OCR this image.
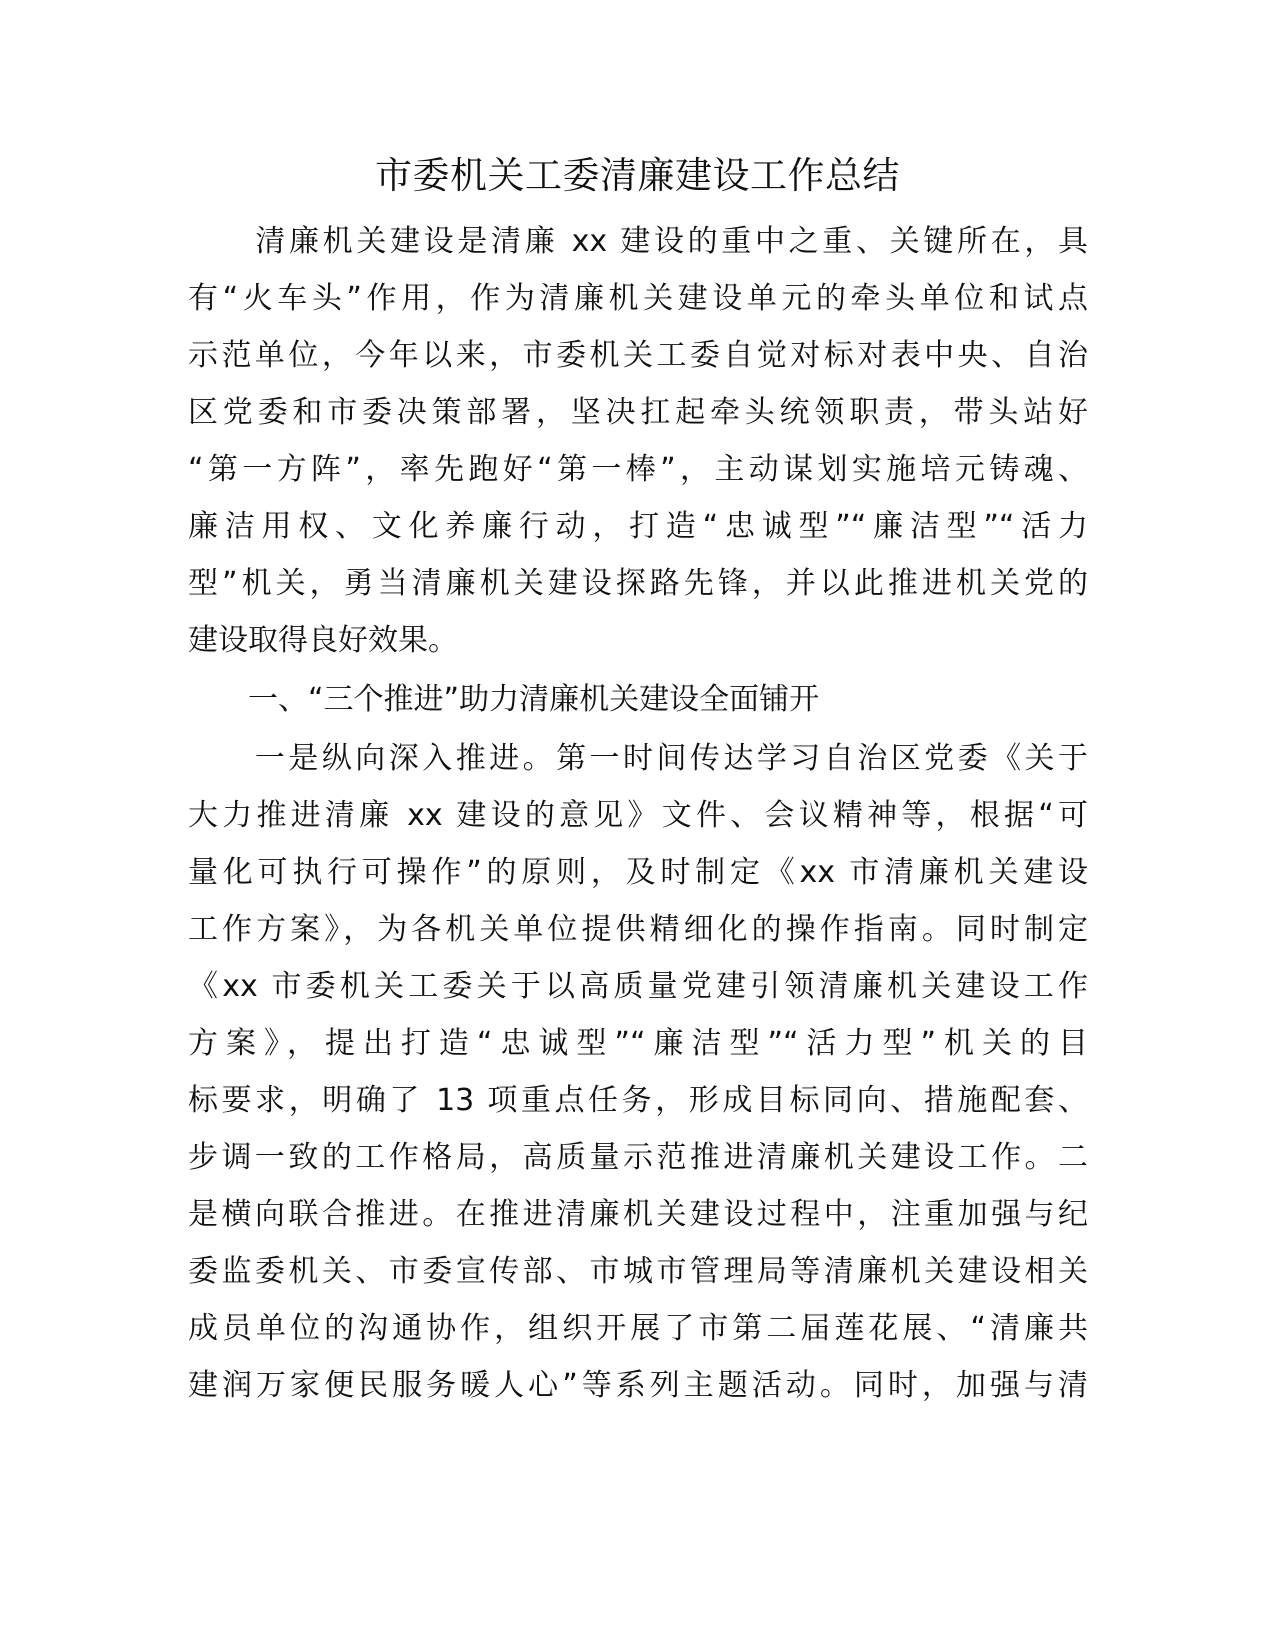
市委机关工委清廉建设工作总结
　　清廉机关建设是清廉 xx 建设的重中之重、关键所在，具
有“火车头”作用，作为清廉机关建设单元的牵头单位和试点
示范单位，今年以来，市委机关工委自觉对标对表中央、自治
区党委和市委决策部署，坚决扛起牵头统领职责，带头站好
“第一方阵”，率先跑好“第一棒”，主动谋划实施培元铸魂、
廉洁用权、文化养廉行动，打造“忠诚型”“廉洁型”“活力
型”机关，勇当清廉机关建设探路先锋，并以此推进机关党的
建设取得良好效果。
　　一、“三个推进”助力清廉机关建设全面铺开
　　一是纵向深入推进。第一时间传达学习自治区党委《关于
大力推进清廉 xx 建设的意见》文件、会议精神等，根据“可
量化可执行可操作”的原则，及时制定《xx 市清廉机关建设
工作方案》，为各机关单位提供精细化的操作指南。同时制定
《xx 市委机关工委关于以高质量党建引领清廉机关建设工作
方案》，提出打造“忠诚型”“廉洁型”“活力型”机关的目
标要求，明确了 13 项重点任务，形成目标同向、措施配套、
步调一致的工作格局，高质量示范推进清廉机关建设工作。二
是横向联合推进。在推进清廉机关建设过程中，注重加强与纪
委监委机关、市委宣传部、市城市管理局等清廉机关建设相关
成员单位的沟通协作，组织开展了市第二届莲花展、“清廉共
建润万家便民服务暖人心”等系列主题活动。同时，加强与清
